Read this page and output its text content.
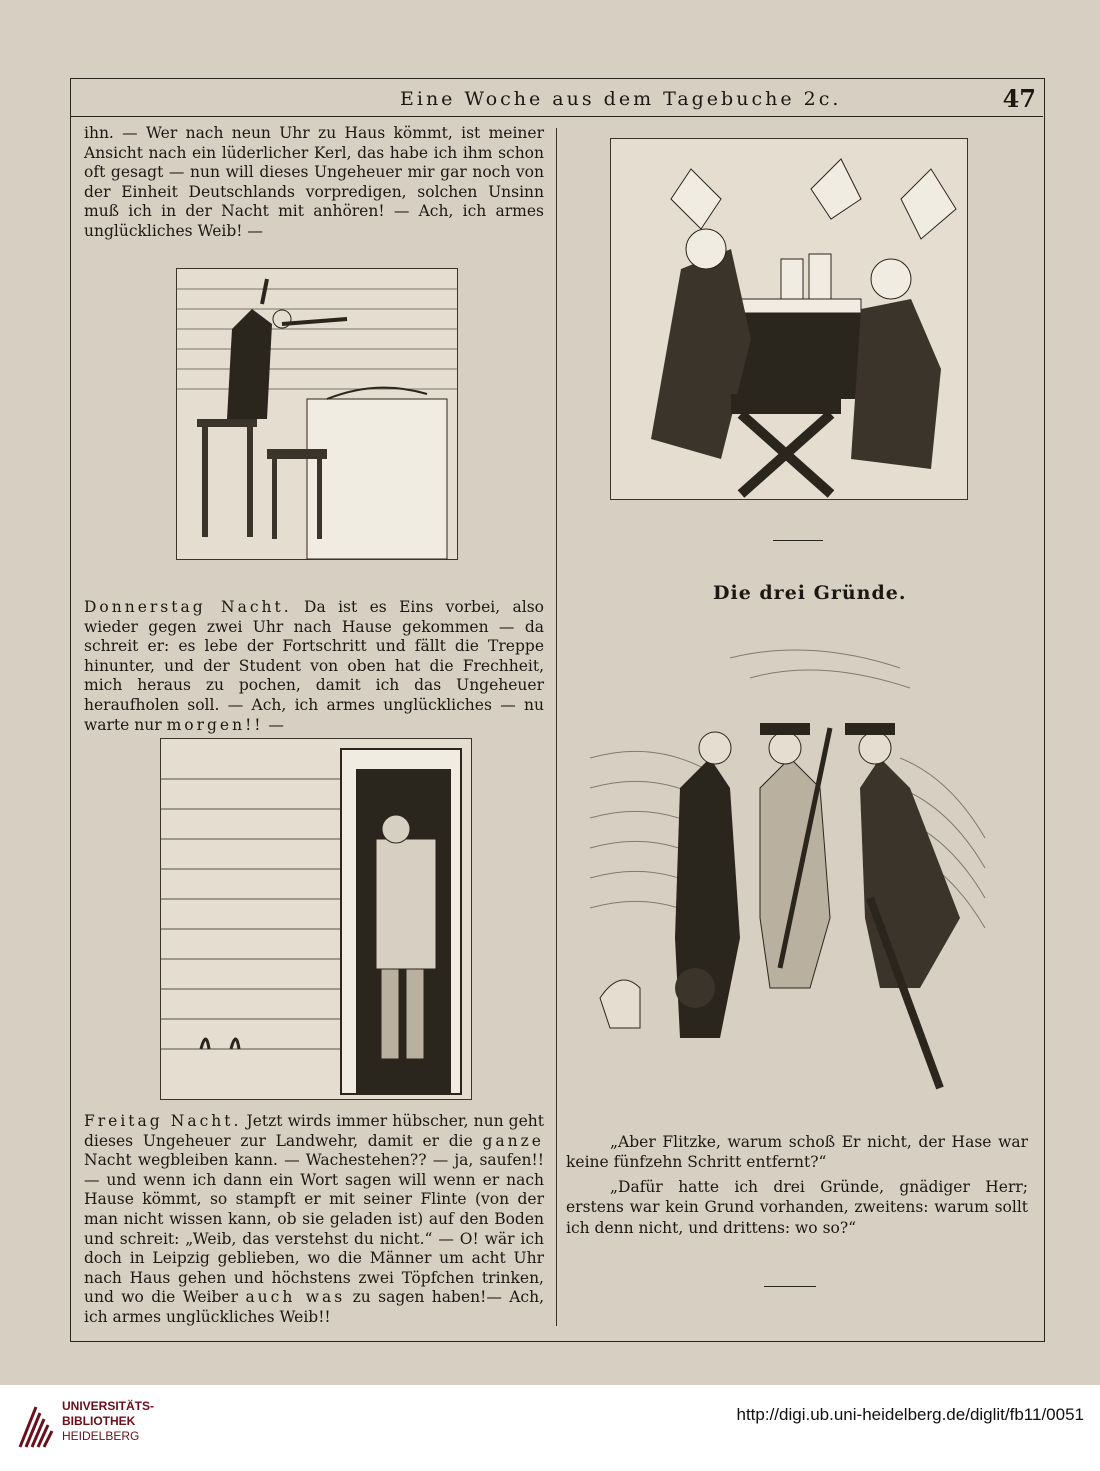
Eine Woche aus dem Tagebuche 2c.	47

ihn. — Wer nach neun Uhr zu Haus kömmt, ist meiner Ansicht nach ein lüderlicher Kerl, das habe ich ihm schon oft gesagt — nun will dieses Ungeheuer mir gar noch von der Einheit Deutschlands vorpredigen, solchen Unsinn muß ich in der Nacht mit anhören! — Ach, ich armes unglückliches Weib! —

Donnerstag Nacht. Da ist es Eins vorbei, also wieder gegen zwei Uhr nach Hause gekommen — da schreit er: es lebe der Fortschritt und fällt die Treppe hinunter, und der Student von oben hat die Frechheit, mich heraus zu pochen, damit ich das Ungeheuer heraufholen soll. — Ach, ich armes unglückliches — nu warte nur morgen!! —

Freitag Nacht. Jetzt wirds immer hübscher, nun geht dieses Ungeheuer zur Landwehr, damit er die ganze Nacht wegbleiben kann. — Wachestehen?? — ja, saufen!! — und wenn ich dann ein Wort sagen will wenn er nach Hause kömmt, so stampft er mit seiner Flinte (von der man nicht wissen kann, ob sie geladen ist) auf den Boden und schreit: „Weib, das verstehst du nicht.“ — O! wär ich doch in Leipzig geblieben, wo die Männer um acht Uhr nach Haus gehen und höchstens zwei Töpfchen trinken, und wo die Weiber auch was zu sagen haben!— Ach, ich armes unglückliches Weib!!

Die drei Gründe.

„Aber Flitzke, warum schoß Er nicht, der Hase war keine fünfzehn Schritt entfernt?“

„Dafür hatte ich drei Gründe, gnädiger Herr; erstens war kein Grund vorhanden, zweitens: warum sollt ich denn nicht, und drittens: wo so?“

UNIVERSITÄTS-
BIBLIOTHEK
HEIDELBERG
http://digi.ub.uni-heidelberg.de/diglit/fb11/0051
